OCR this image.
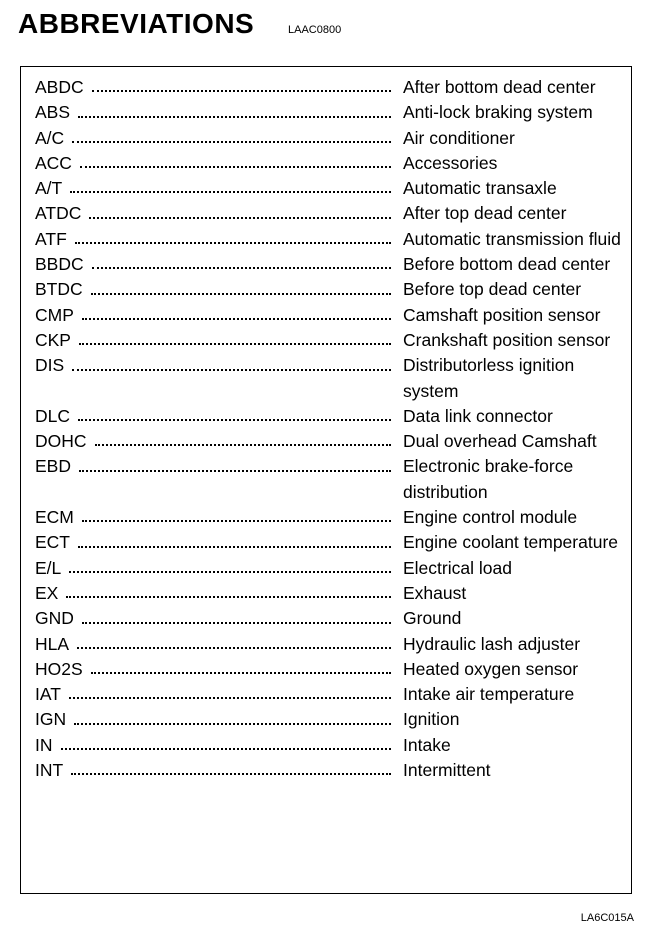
ABBREVIATIONS	LAAC0800
ABDC	After bottom dead center
ABS	Anti-lock braking system
A/C	Air conditioner
ACC	Accessories
A/T	Automatic transaxle
ATDC	After top dead center
ATF	Automatic transmission fluid
BBDC	Before bottom dead center
BTDC	Before top dead center
CMP	Camshaft position sensor
CKP	Crankshaft position sensor
DIS	Distributorless ignition system
DLC	Data link connector
DOHC	Dual overhead Camshaft
EBD	Electronic brake-force distribution
ECM	Engine control module
ECT	Engine coolant temperature
E/L	Electrical load
EX	Exhaust
GND	Ground
HLA	Hydraulic lash adjuster
HO2S	Heated oxygen sensor
IAT	Intake air temperature
IGN	Ignition
IN	Intake
INT	Intermittent
LA6C015A
